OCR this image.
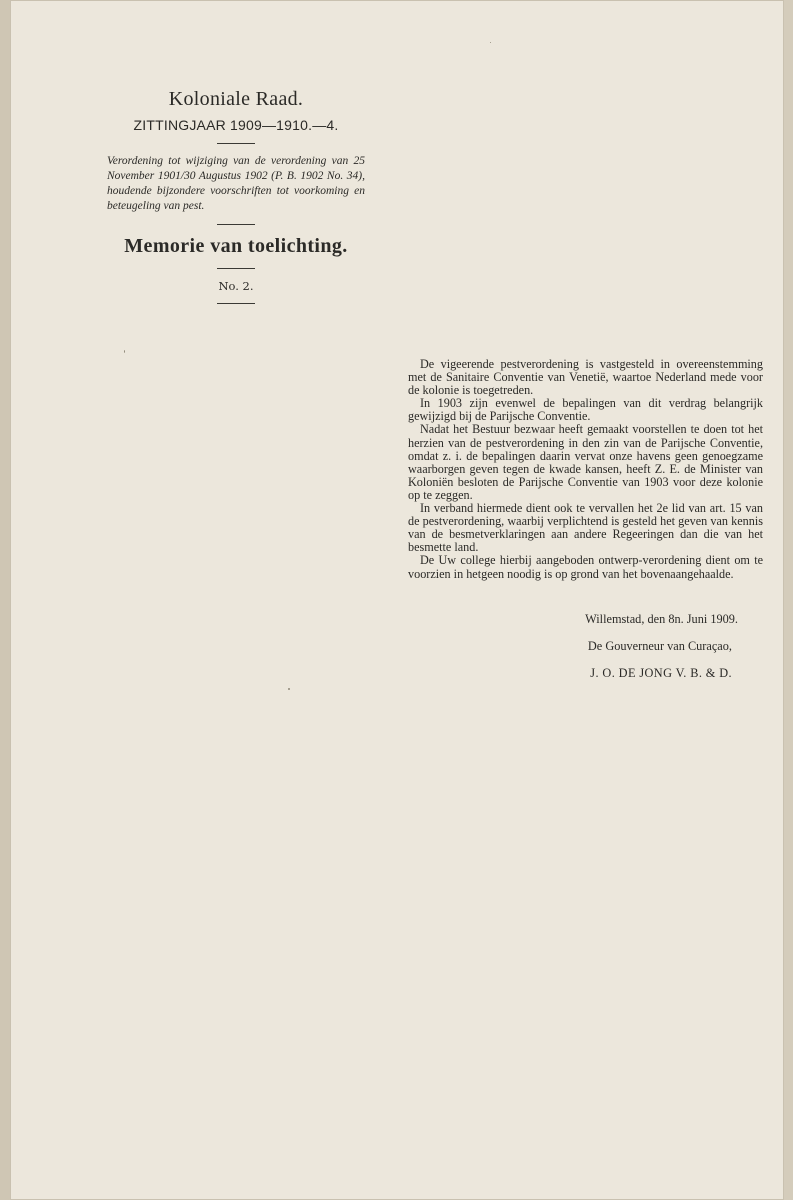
Koloniale Raad.
ZITTINGJAAR 1909—1910.—4.
Verordening tot wijziging van de verordening van 25 November 1901/30 Augustus 1902 (P. B. 1902 No. 34), houdende bijzondere voorschriften tot voorkoming en beteugeling van pest.
Memorie van toelichting.
No. 2.

De vigeerende pestverordening is vastgesteld in overeenstemming met de Sanitaire Conventie van Venetië, waartoe Nederland mede voor de kolonie is toegetreden.

In 1903 zijn evenwel de bepalingen van dit verdrag belangrijk gewijzigd bij de Parijsche Conventie.

Nadat het Bestuur bezwaar heeft gemaakt voorstellen te doen tot het herzien van de pestverordening in den zin van de Parijsche Conventie, omdat z. i. de bepalingen daarin vervat onze havens geen genoegzame waarborgen geven tegen de kwade kansen, heeft Z. E. de Minister van Koloniën besloten de Parijsche Conventie van 1903 voor deze kolonie op te zeggen.

In verband hiermede dient ook te vervallen het 2e lid van art. 15 van de pestverordening, waarbij verplichtend is gesteld het geven van kennis van de besmetverklaringen aan andere Regeeringen dan die van het besmette land.

De Uw college hierbij aangeboden ontwerp-verordening dient om te voorzien in hetgeen noodig is op grond van het bovenaangehaalde.

Willemstad, den 8n. Juni 1909.
De Gouverneur van Curaçao,
J. O. DE JONG V. B. & D.
